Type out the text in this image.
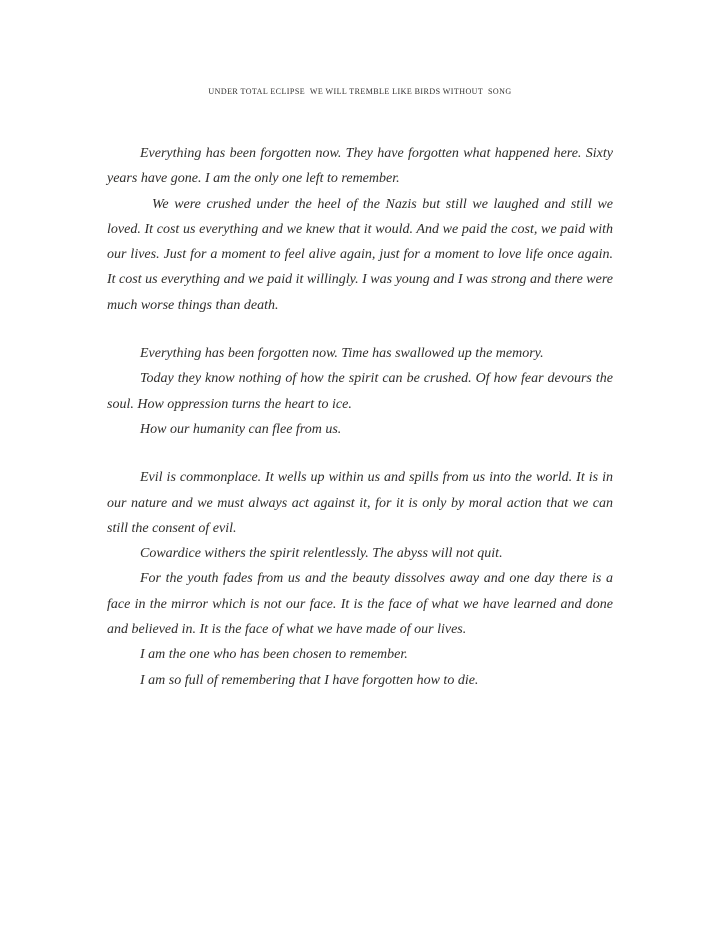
UNDER TOTAL ECLIPSE  WE WILL TREMBLE LIKE BIRDS WITHOUT  SONG

Everything has been forgotten now. They have forgotten what happened here. Sixty years have gone. I am the only one left to remember.

We were crushed under the heel of the Nazis but still we laughed and still we loved. It cost us everything and we knew that it would. And we paid the cost, we paid with our lives. Just for a moment to feel alive again, just for a moment to love life once again. It cost us everything and we paid it willingly. I was young and I was strong and there were much worse things than death.

Everything has been forgotten now. Time has swallowed up the memory.

Today they know nothing of how the spirit can be crushed. Of how fear devours the soul. How oppression turns the heart to ice.

How our humanity can flee from us.

Evil is commonplace. It wells up within us and spills from us into the world. It is in our nature and we must always act against it, for it is only by moral action that we can still the consent of evil.

Cowardice withers the spirit relentlessly. The abyss will not quit.

For the youth fades from us and the beauty dissolves away and one day there is a face in the mirror which is not our face. It is the face of what we have learned and done and believed in. It is the face of what we have made of our lives.

I am the one who has been chosen to remember.

I am so full of remembering that I have forgotten how to die.
